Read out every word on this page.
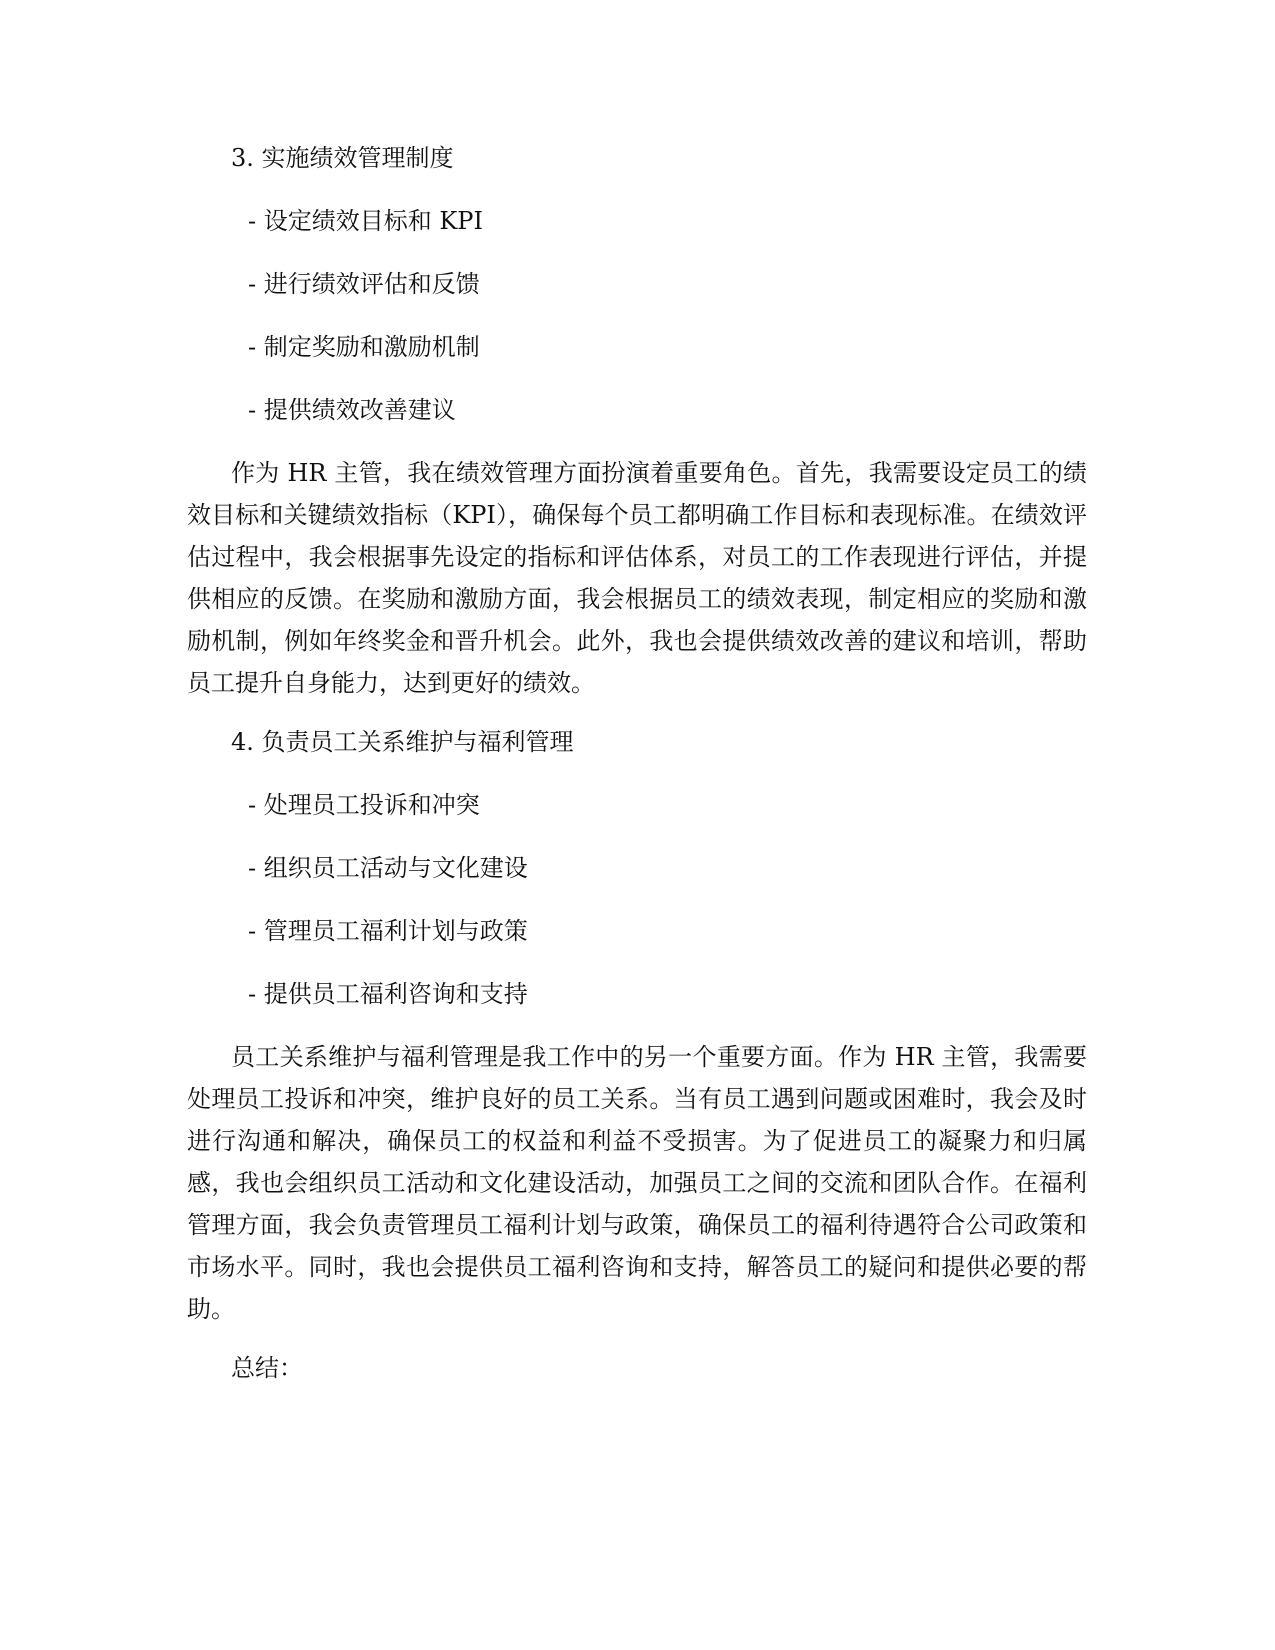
3. 实施绩效管理制度
- 设定绩效目标和 KPI
- 进行绩效评估和反馈
- 制定奖励和激励机制
- 提供绩效改善建议
作为 HR 主管，我在绩效管理方面扮演着重要角色。首先，我需要设定员工的绩效目标和关键绩效指标（KPI），确保每个员工都明确工作目标和表现标准。在绩效评估过程中，我会根据事先设定的指标和评估体系，对员工的工作表现进行评估，并提供相应的反馈。在奖励和激励方面，我会根据员工的绩效表现，制定相应的奖励和激励机制，例如年终奖金和晋升机会。此外，我也会提供绩效改善的建议和培训，帮助员工提升自身能力，达到更好的绩效。
4. 负责员工关系维护与福利管理
- 处理员工投诉和冲突
- 组织员工活动与文化建设
- 管理员工福利计划与政策
- 提供员工福利咨询和支持
员工关系维护与福利管理是我工作中的另一个重要方面。作为 HR 主管，我需要处理员工投诉和冲突，维护良好的员工关系。当有员工遇到问题或困难时，我会及时进行沟通和解决，确保员工的权益和利益不受损害。为了促进员工的凝聚力和归属感，我也会组织员工活动和文化建设活动，加强员工之间的交流和团队合作。在福利管理方面，我会负责管理员工福利计划与政策，确保员工的福利待遇符合公司政策和市场水平。同时，我也会提供员工福利咨询和支持，解答员工的疑问和提供必要的帮助。
总结：
